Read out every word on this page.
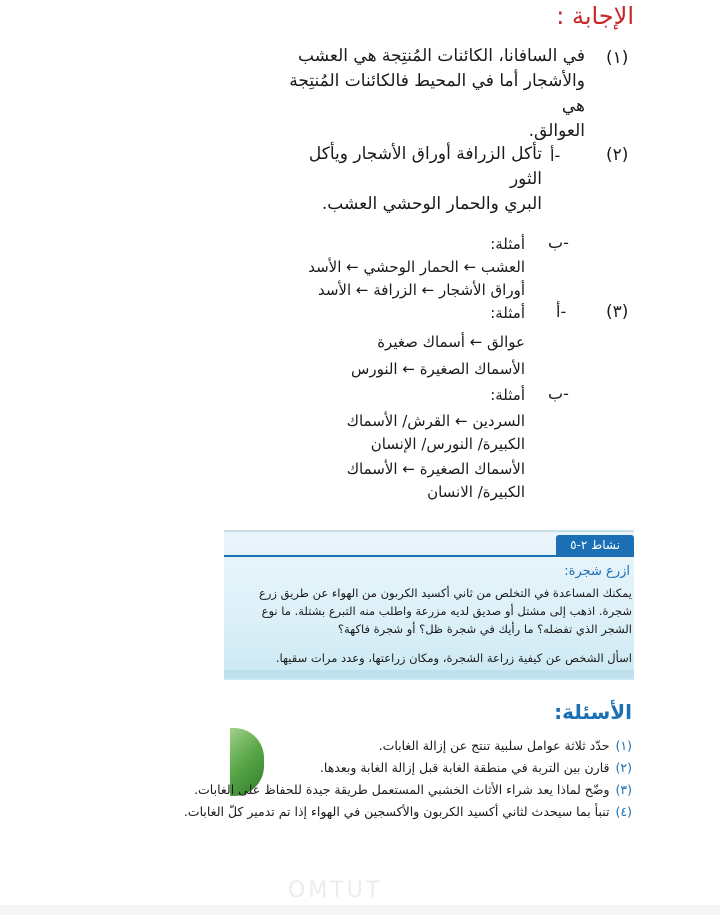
الإجابة :
(١)
في السافانا، الكائنات المُنتِجة هي العشب
والأشجار أما في المحيط فالكائنات المُنتِجة هي
العوالق.
(٢)
أ-
تأكل الزرافة أوراق الأشجار ويأكل الثور
البري والحمار الوحشي العشب.
ب-
أمثلة:
العشب ← الحمار الوحشي ← الأسد
أوراق الأشجار ← الزرافة ← الأسد
(٣)
أ-
أمثلة:
عوالق ← أسماك صغيرة
الأسماك الصغيرة ← النورس
ب-
أمثلة:
السردين ← القرش/ الأسماك
الكبيرة/ النورس/ الإنسان
الأسماك الصغيرة ← الأسماك
الكبيرة/ الانسان
نشاط ٢-٥
ازرع شجرة:
يمكنك المساعدة في التخلص من ثاني أكسيد الكربون من الهواء عن طريق زرع شجرة. اذهب إلى مشتل أو صديق لديه مزرعة واطلب منه التبرع بشتلة. ما نوع الشجر الذي تفضله؟ ما رأيك في شجرة ظل؟ أو شجرة فاكهة؟
اسأل الشخص عن كيفية زراعة الشجرة، ومكان زراعتها، وعدد مرات سقيها.
الأسئلة:
(١)حدّد ثلاثة عوامل سلبية تنتج عن إزالة الغابات.
(٢)قارن بين التربة في منطقة الغابة قبل إزالة الغابة وبعدها.
(٣)وضّح لماذا يعد شراء الأثاث الخشبي المستعمل طريقة جيدة للحفاظ على الغابات.
(٤)تنبأ بما سيحدث لثاني أكسيد الكربون والأكسجين في الهواء إذا تم تدمير كلّ الغابات.
OMTUT
